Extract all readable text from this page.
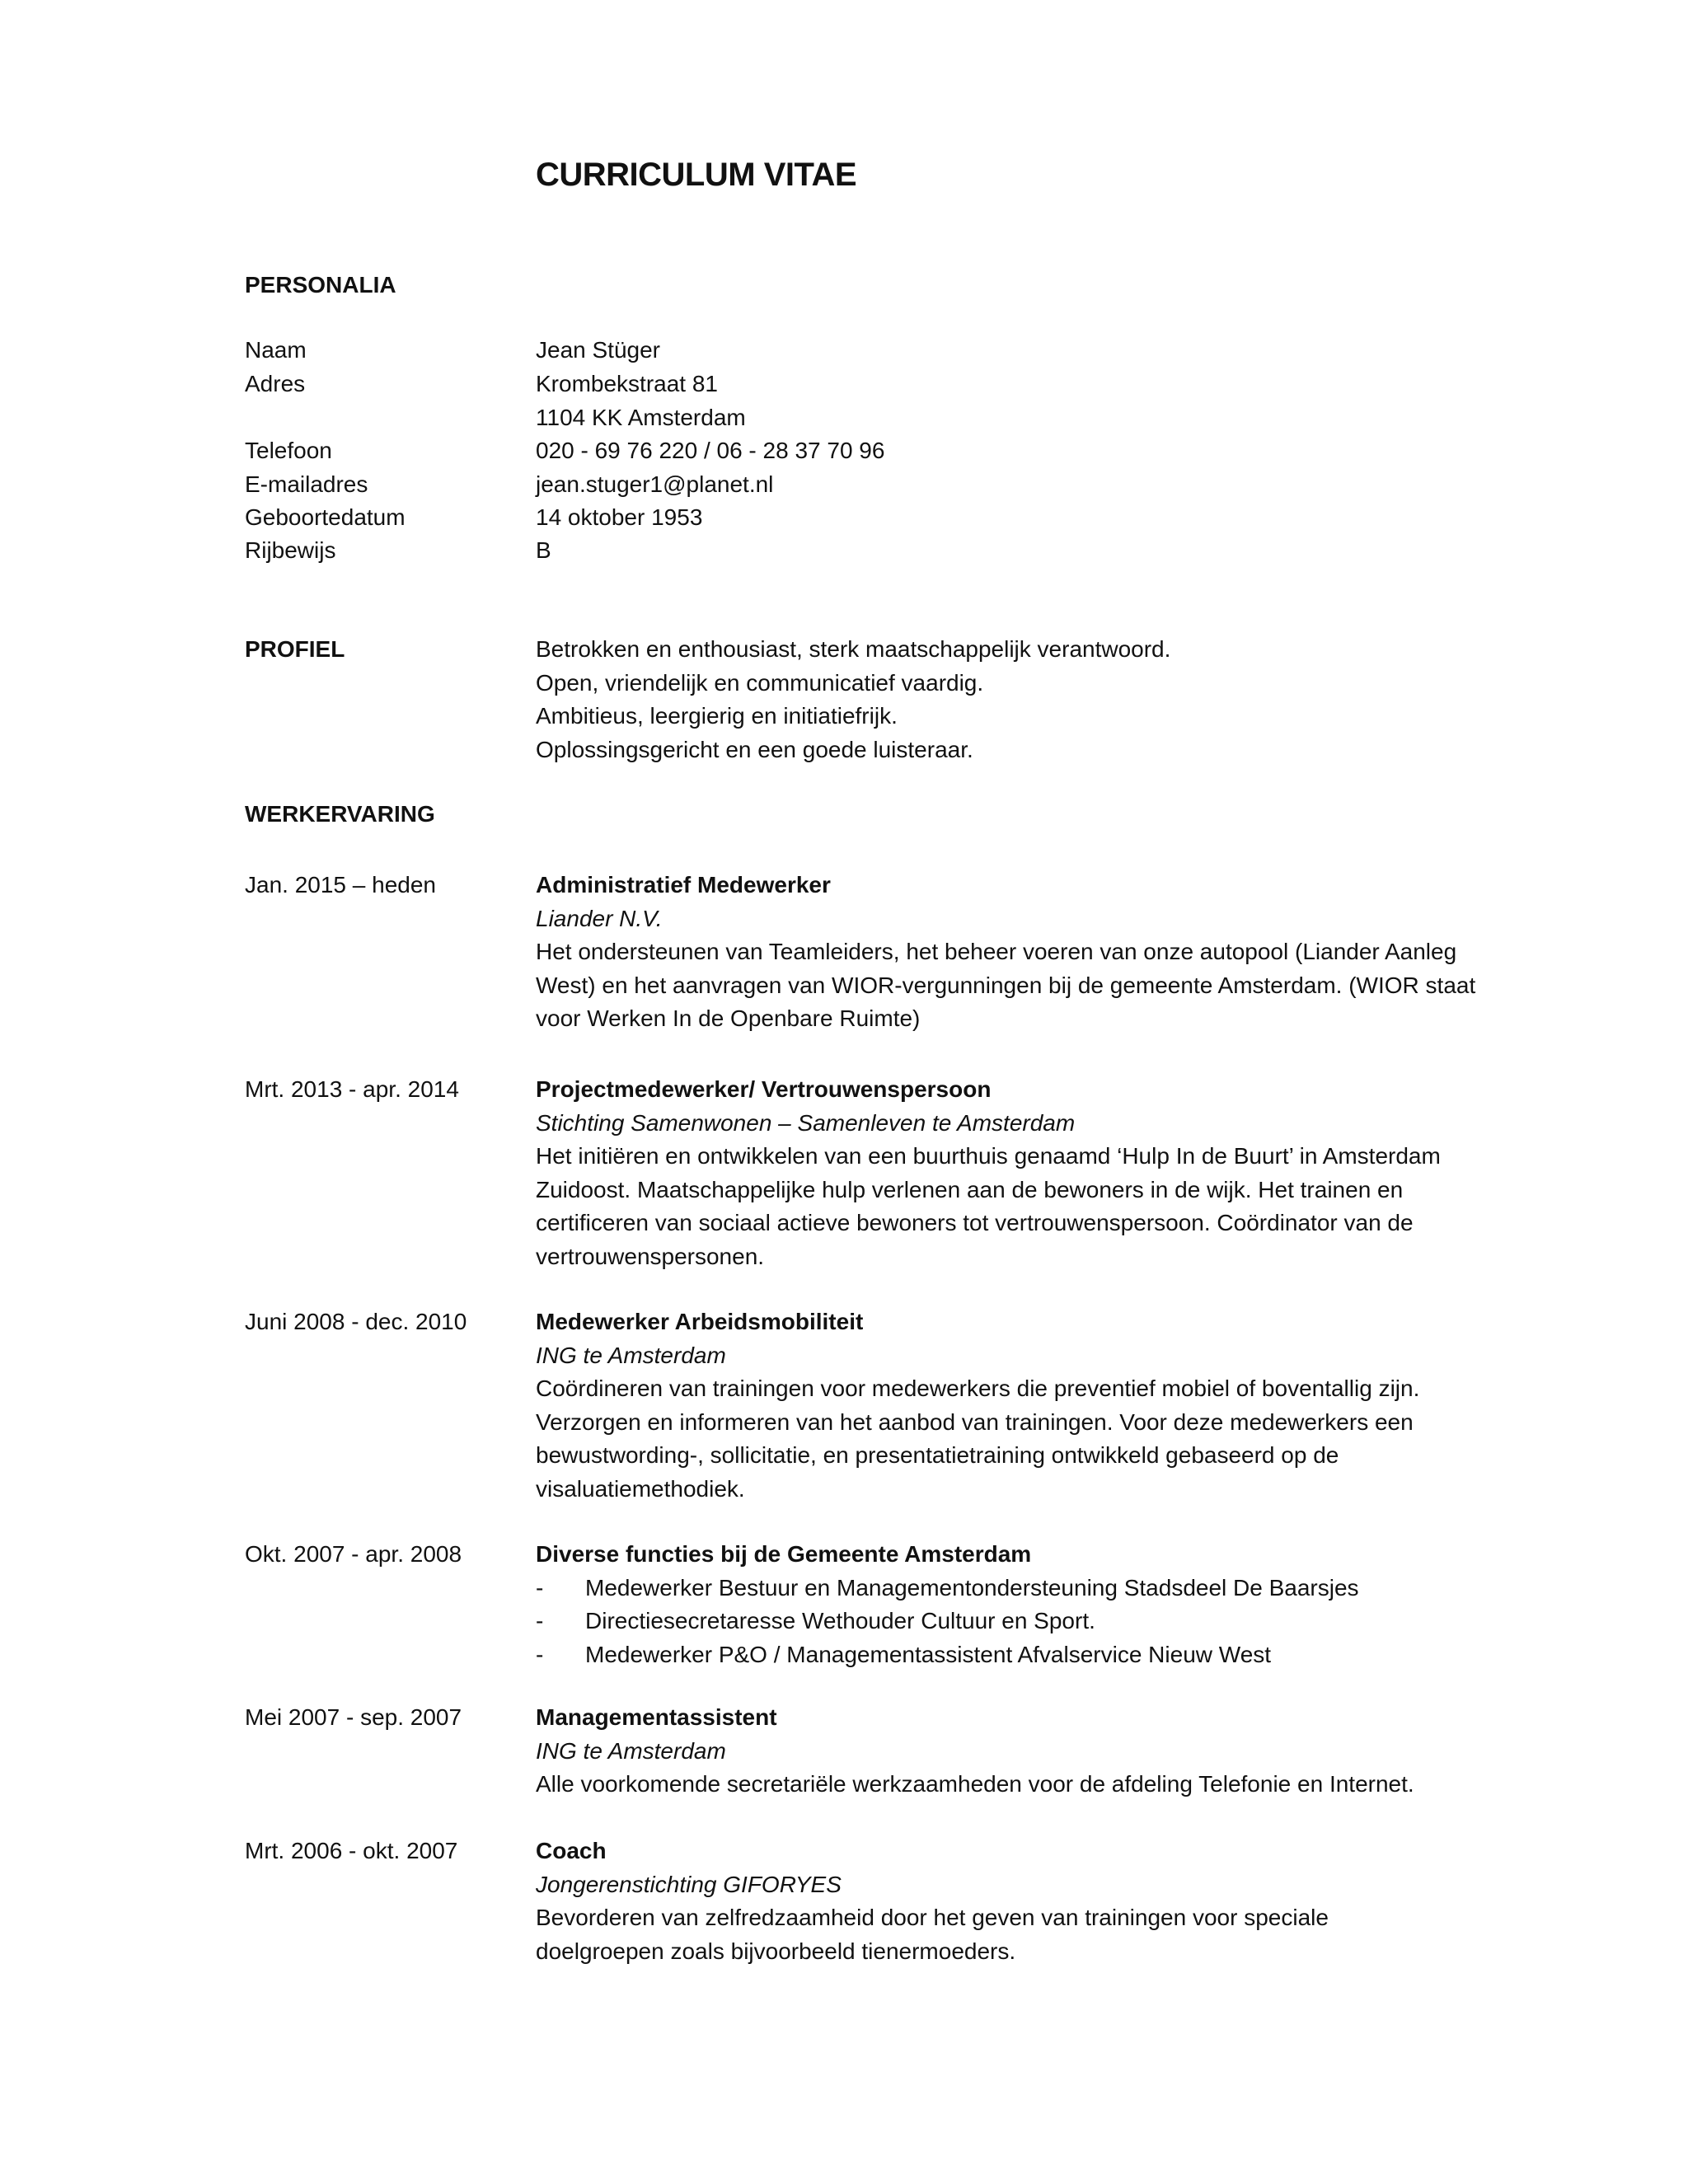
CURRICULUM VITAE
PERSONALIA
Naam	Jean Stüger
Adres	Krombekstraat 81
1104 KK Amsterdam
Telefoon	020 - 69 76 220 / 06 - 28 37 70 96
E-mailadres	jean.stuger1@planet.nl
Geboortedatum	14 oktober 1953
Rijbewijs	B
PROFIEL	Betrokken en enthousiast, sterk maatschappelijk verantwoord.
Open, vriendelijk en communicatief vaardig.
Ambitieus, leergierig en initiatiefrijk.
Oplossingsgericht en een goede luisteraar.
WERKERVARING
Jan. 2015 – heden	Administratief Medewerker
Liander N.V.
Het ondersteunen van Teamleiders, het beheer voeren van onze autopool (Liander Aanleg
West) en het aanvragen van WIOR-vergunningen bij de gemeente Amsterdam. (WIOR staat
voor Werken In de Openbare Ruimte)
Mrt. 2013 - apr. 2014	Projectmedewerker/ Vertrouwenspersoon
Stichting Samenwonen – Samenleven te Amsterdam
Het initiëren en ontwikkelen van een buurthuis genaamd ‘Hulp In de Buurt’ in Amsterdam
Zuidoost. Maatschappelijke hulp verlenen aan de bewoners in de wijk. Het trainen en
certificeren van sociaal actieve bewoners tot vertrouwenspersoon. Coördinator van de
vertrouwenspersonen.
Juni 2008 - dec. 2010	Medewerker Arbeidsmobiliteit
ING te Amsterdam
Coördineren van trainingen voor medewerkers die preventief mobiel of boventallig zijn.
Verzorgen en informeren van het aanbod van trainingen. Voor deze medewerkers een
bewustwording-, sollicitatie, en presentatietraining ontwikkeld gebaseerd op de
visaluatiemethodiek.
Okt. 2007 - apr. 2008	Diverse functies bij de Gemeente Amsterdam
-	Medewerker Bestuur en Managementondersteuning Stadsdeel De Baarsjes
-	Directiesecretaresse Wethouder Cultuur en Sport.
-	Medewerker P&O / Managementassistent Afvalservice Nieuw West
Mei 2007 - sep. 2007	Managementassistent
ING te Amsterdam
Alle voorkomende secretariële werkzaamheden voor de afdeling Telefonie en Internet.
Mrt. 2006 - okt. 2007	Coach
Jongerenstichting GIFORYES
Bevorderen van zelfredzaamheid door het geven van trainingen voor speciale
doelgroepen zoals bijvoorbeeld tienermoeders.
